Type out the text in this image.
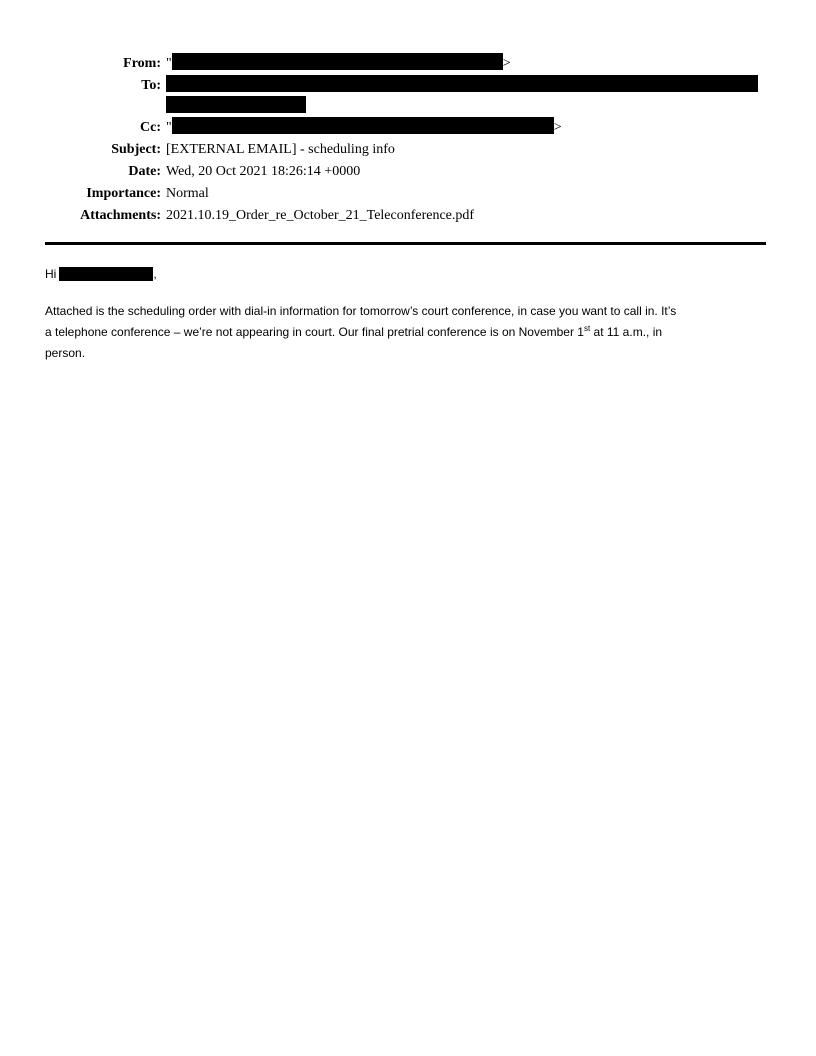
From: "	>
To:
Cc: "	>
Subject: [EXTERNAL EMAIL] - scheduling info
Date: Wed, 20 Oct 2021 18:26:14 +0000
Importance: Normal
Attachments: 2021.10.19_Order_re_October_21_Teleconference.pdf
Hi	,
Attached is the scheduling order with dial-in information for tomorrow’s court conference, in case you want to call in. It’s
a telephone conference – we’re not appearing in court. Our final pretrial conference is on November 1st at 11 a.m., in
person.
